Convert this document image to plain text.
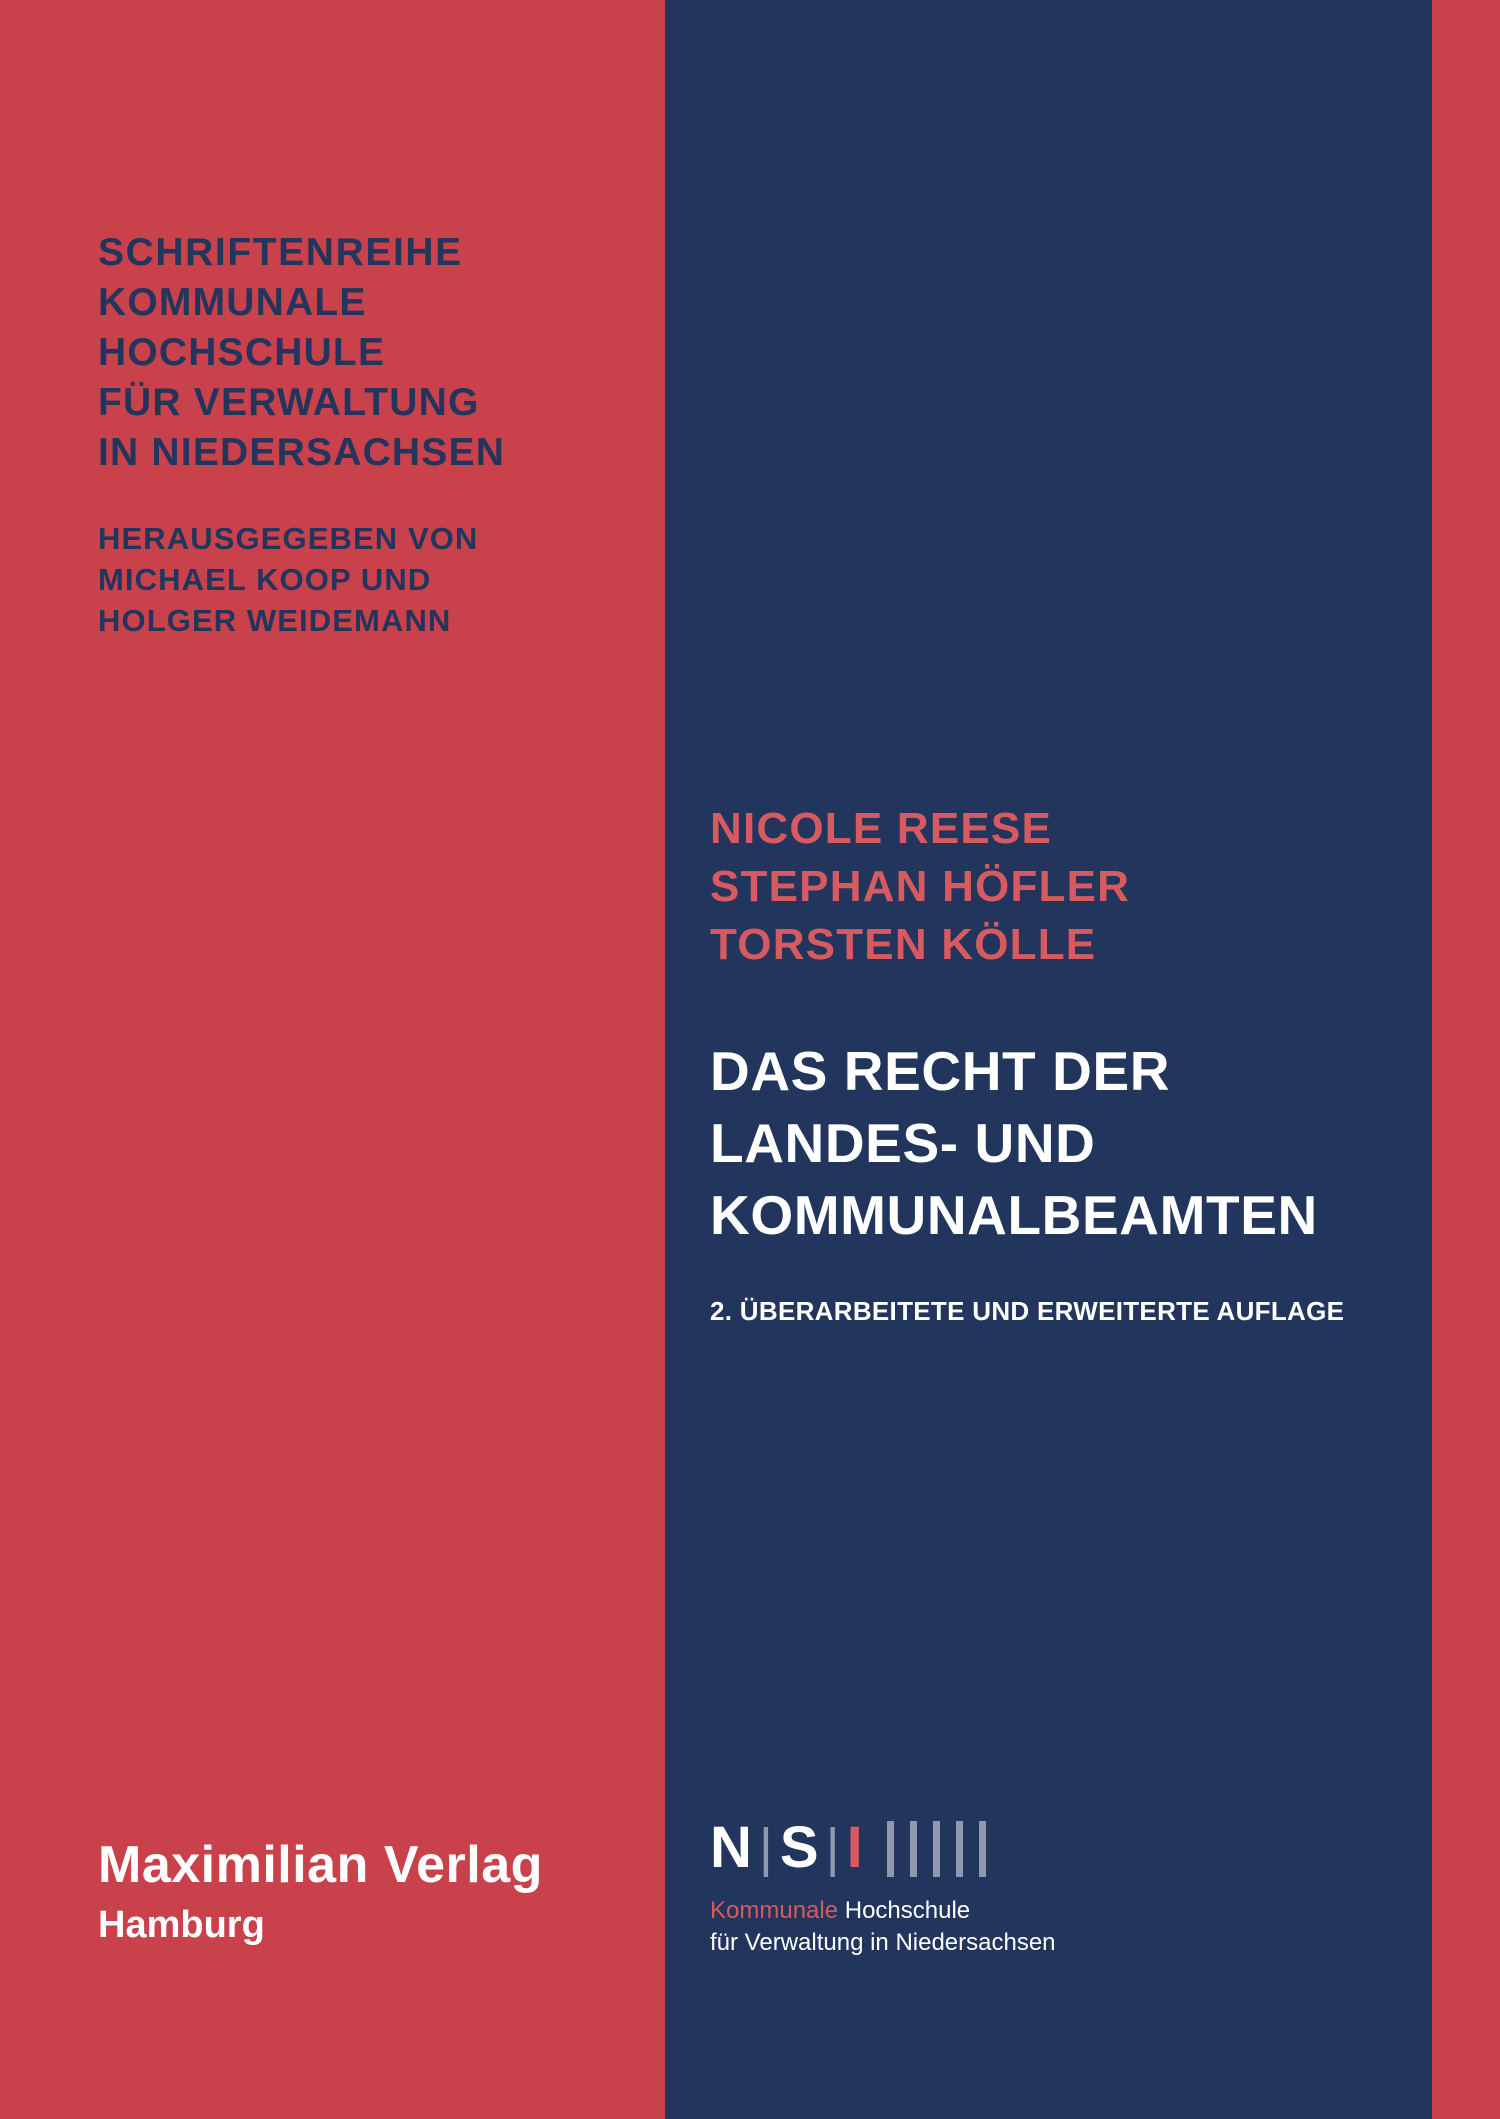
SCHRIFTENREIHE
KOMMUNALE
HOCHSCHULE
FÜR VERWALTUNG
IN NIEDERSACHSEN
HERAUSGEGEBEN VON
MICHAEL KOOP UND
HOLGER WEIDEMANN
Maximilian Verlag
Hamburg
NICOLE REESE
STEPHAN HÖFLER
TORSTEN KÖLLE
DAS RECHT DER
LANDES- UND
KOMMUNALBEAMTEN
2. ÜBERARBEITETE UND ERWEITERTE AUFLAGE
N | S | I
Kommunale Hochschule
für Verwaltung in Niedersachsen
